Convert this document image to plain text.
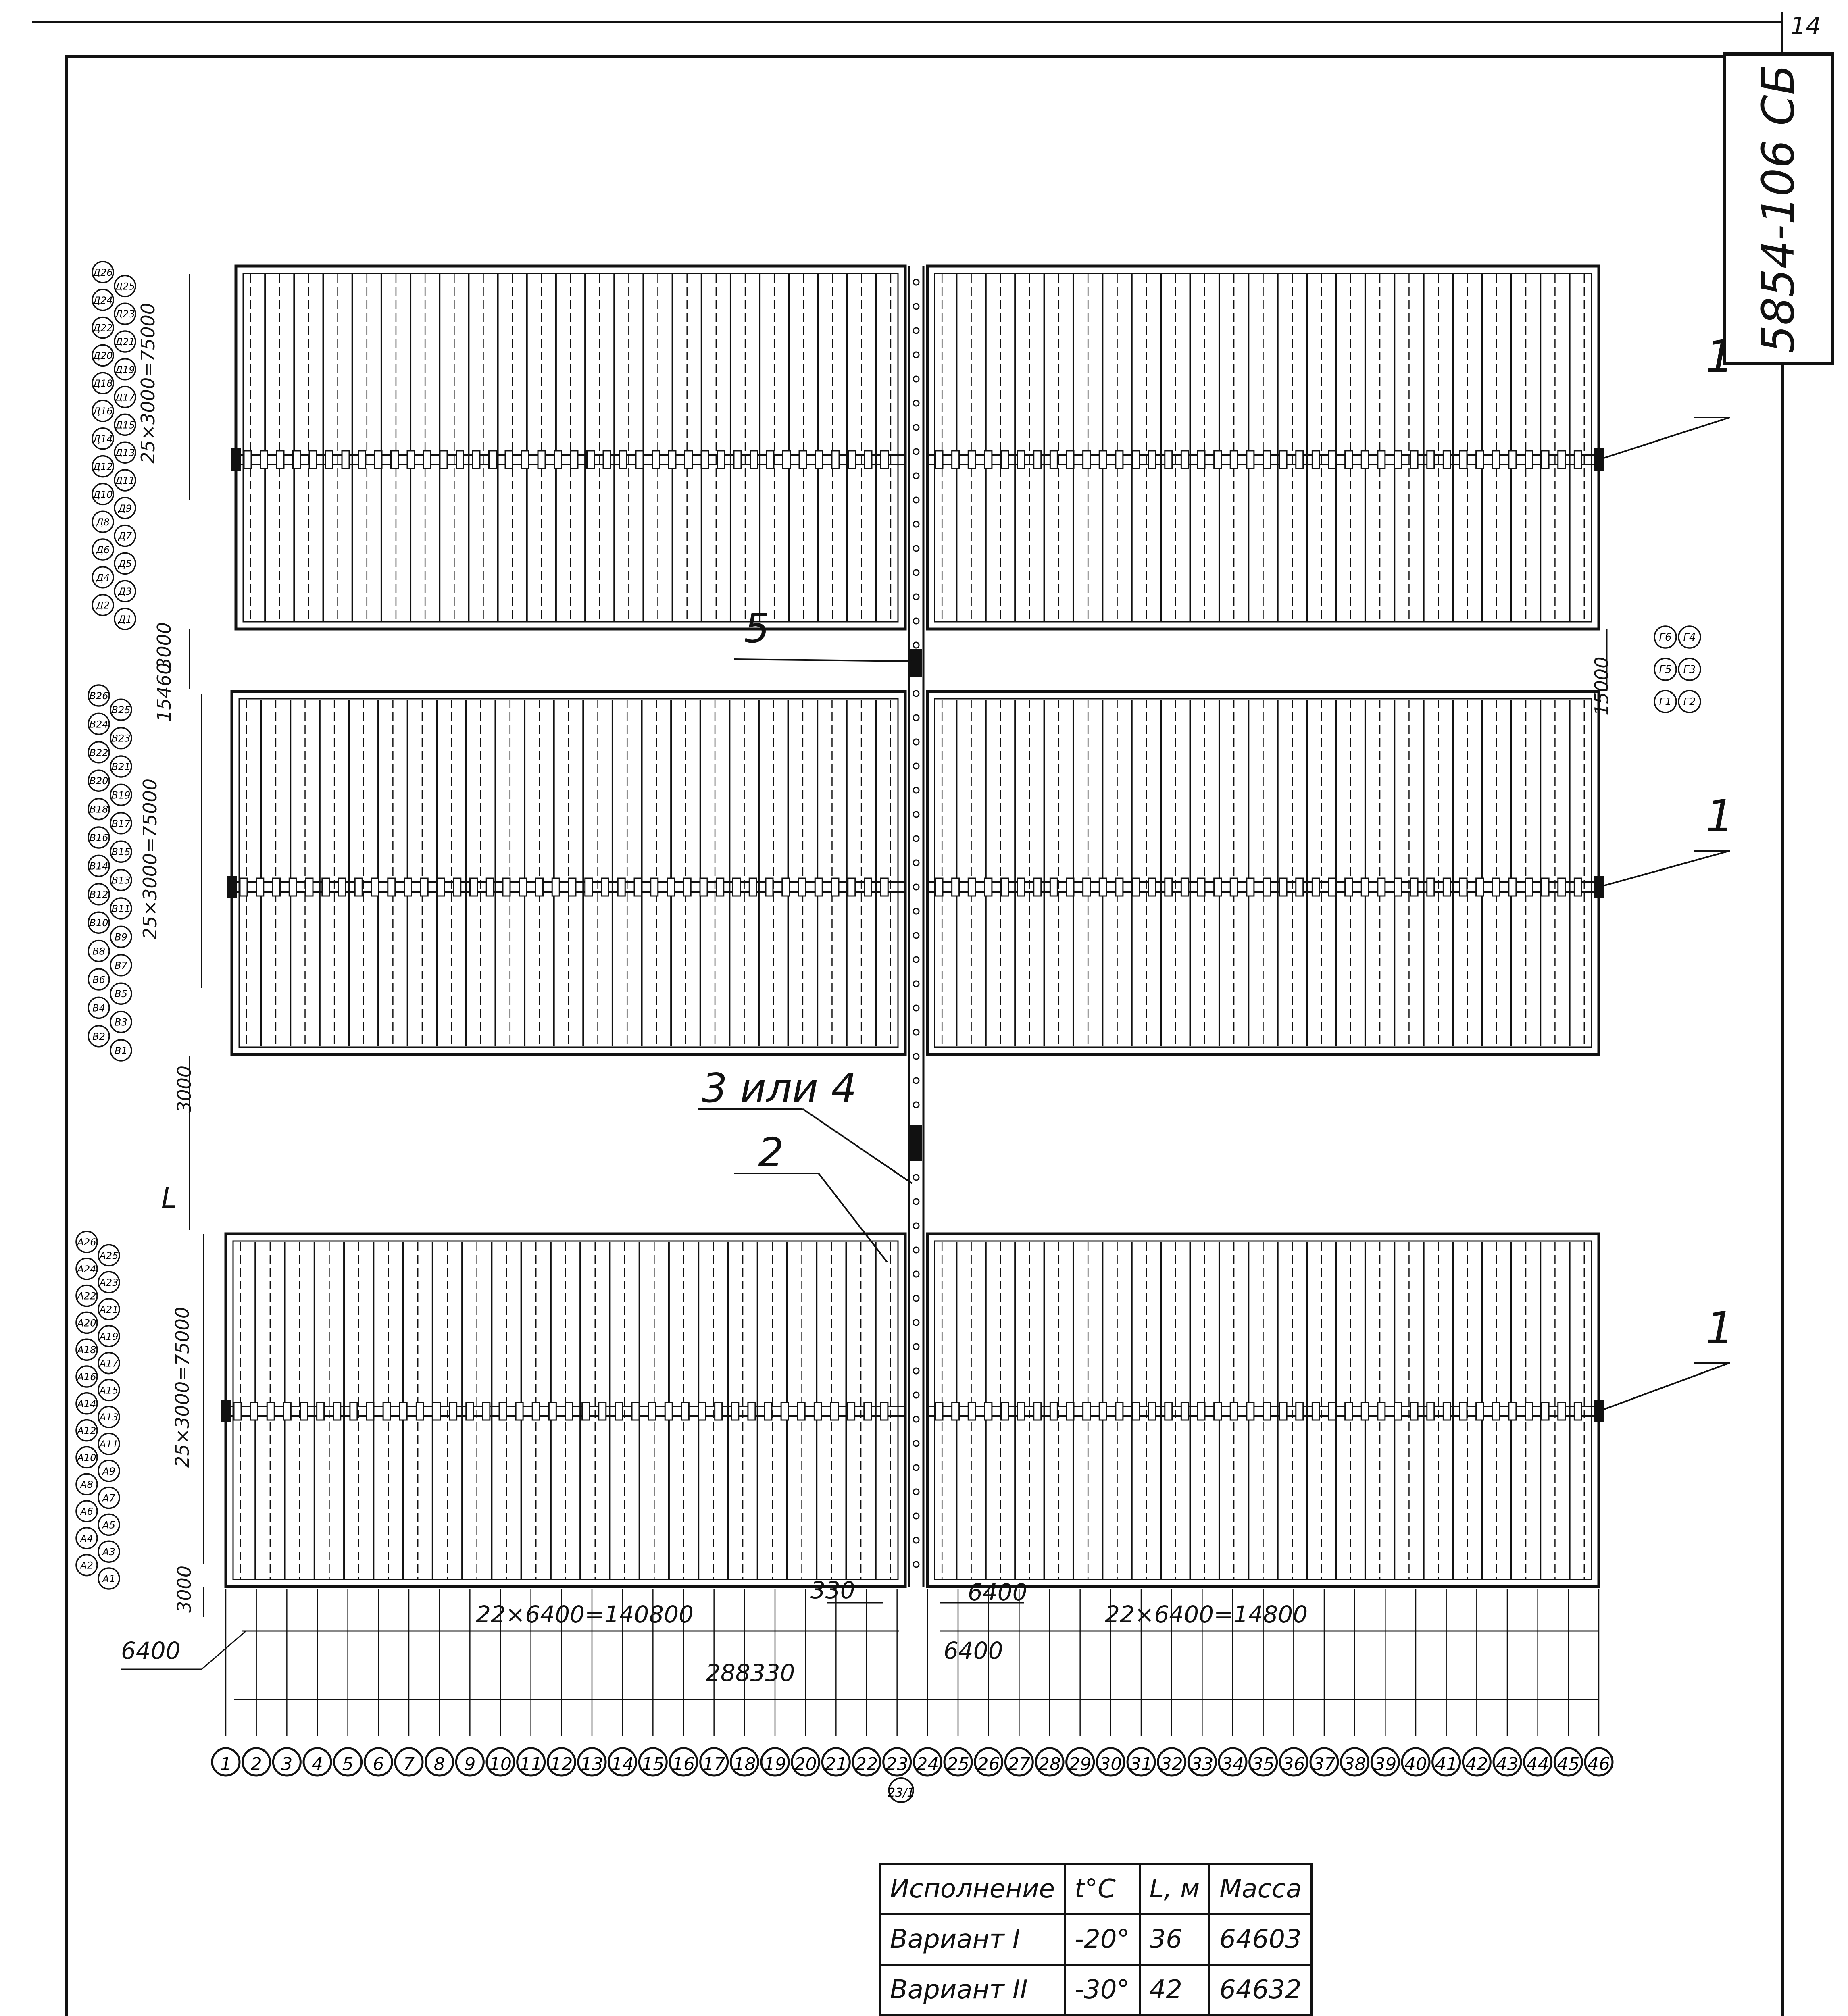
1 2 3 4 5 6 7 8 9 10 11 12 13 14 15 16 17 18 19 20 21 22 23 24 25 26 27 28 29 30 31 32 33 34 35 36 37 38 39 40 41 42 43 44 45 46
23/1
Д26
Д25
Д24
Д23
Д22
Д21
Д20
Д19
Д18
Д17
Д16
Д15
Д14
Д13
Д12
Д11
Д10
Д9
Д8
Д7
Д6
Д5
Д4
Д3
Д2
Д1
В26
В25
В24
В23
В22
В21
В20
В19
В18
В17
В16
В15
В14
В13
В12
В11
В10
В9
В8
В7
В6
В5
В4
В3
В2
В1
А26
А25
А24
А23
А22
А21
А20
А19
А18
А17
А16
А15
А14
А13
А12
А11
А10
А9
А8
А7
А6
А5
А4
А3
А2
А1
Г6 Г4
Г5 Г3
Г1 Г2
14
5854-106 СБ
1
1
1
5
3 или 4
2
25×3000=75000
3000
15460
25×3000=75000
3000
L
25×3000=75000
3000
15000
22×6400=140800	22×6400=14800
288330
330
6400
6400
6400
Исполнение	t°C	L, м	Масса
Вариант I	-20°	36	64603
Вариант II	-30°	42	64632
